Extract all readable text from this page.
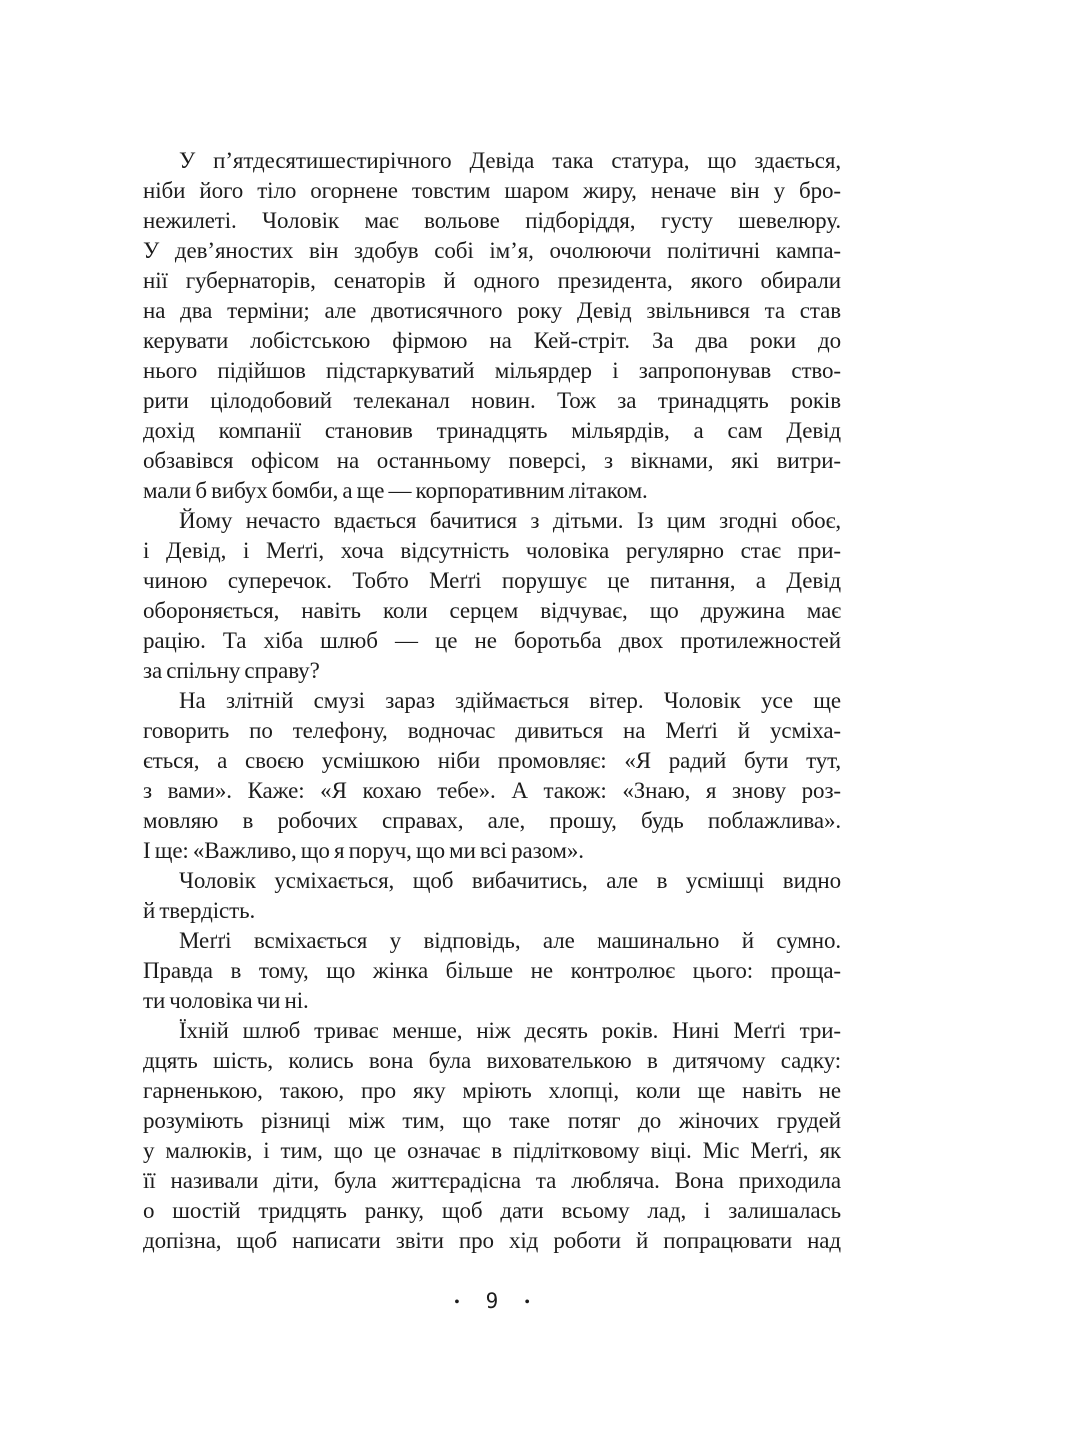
У п’ятдесятишестирічного Девіда така статура, що здається,
ніби його тіло огорнене товстим шаром жиру, неначе він у бро-
нежилеті. Чоловік має вольове підборіддя, густу шевелюру.
У дев’яностих він здобув собі ім’я, очолюючи політичні кампа-
нії губернаторів, сенаторів й одного президента, якого обирали
на два терміни; але двотисячного року Девід звільнився та став
керувати лобістською фірмою на Кей-стріт. За два роки до
нього підійшов підстаркуватий мільярдер і запропонував ство-
рити цілодобовий телеканал новин. Тож за тринадцять років
дохід компанії становив тринадцять мільярдів, а сам Девід
обзавівся офісом на останньому поверсі, з вікнами, які витри-
мали б вибух бомби, а ще — корпоративним літаком.
Йому нечасто вдається бачитися з дітьми. Із цим згодні обоє,
і Девід, і Меґґі, хоча відсутність чоловіка регулярно стає при-
чиною суперечок. Тобто Меґґі порушує це питання, а Девід
обороняється, навіть коли серцем відчуває, що дружина має
рацію. Та хіба шлюб — це не боротьба двох протилежностей
за спільну справу?
На злітній смузі зараз здіймається вітер. Чоловік усе ще
говорить по телефону, водночас дивиться на Меґґі й усміха-
ється, а своєю усмішкою ніби промовляє: «Я радий бути тут,
з вами». Каже: «Я кохаю тебе». А також: «Знаю, я знову роз-
мовляю в робочих справах, але, прошу, будь поблажлива».
І ще: «Важливо, що я поруч, що ми всі разом».
Чоловік усміхається, щоб вибачитись, але в усмішці видно
й твердість.
Меґґі всміхається у відповідь, але машинально й сумно.
Правда в тому, що жінка більше не контролює цього: проща-
ти чоловіка чи ні.
Їхній шлюб триває менше, ніж десять років. Нині Меґґі три-
дцять шість, колись вона була вихователькою в дитячому садку:
гарненькою, такою, про яку мріють хлопці, коли ще навіть не
розуміють різниці між тим, що таке потяг до жіночих грудей
у малюків, і тим, що це означає в підлітковому віці. Міс Меґґі, як
її називали діти, була життєрадісна та любляча. Вона приходила
о шостій тридцять ранку, щоб дати всьому лад, і залишалась
допізна, щоб написати звіти про хід роботи й попрацювати над
• 9 •
